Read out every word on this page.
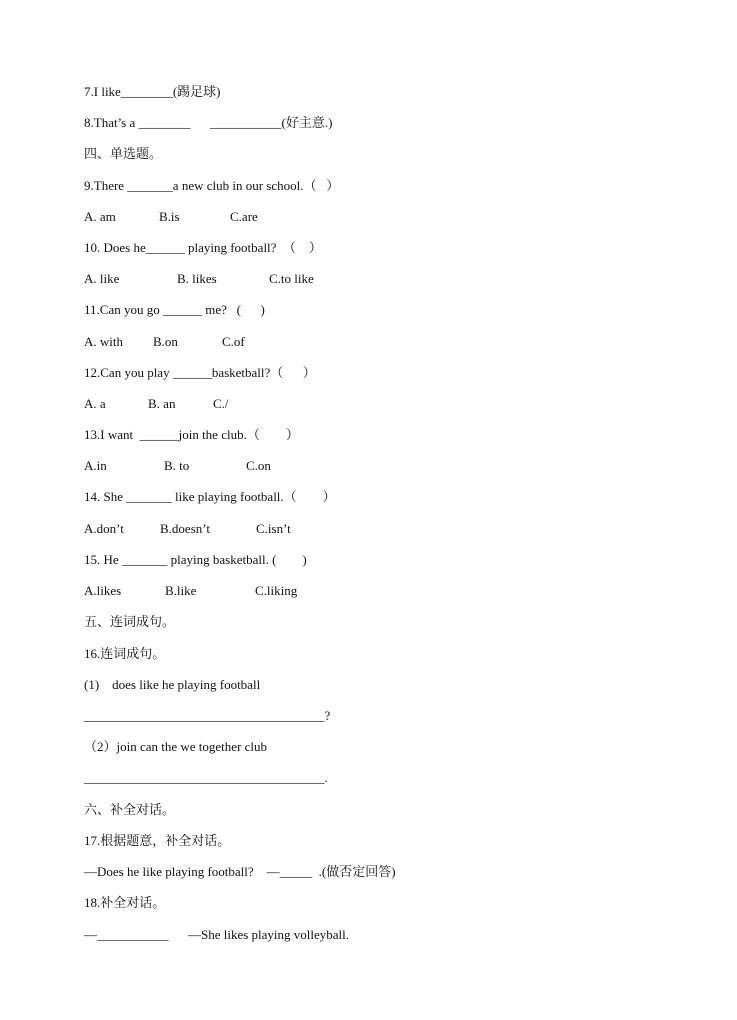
7.I like________(踢足球)
8.That’s a ________      ___________(好主意.)
四、单选题。
9.There _______a new club in our school.（   ）
A. am	B.is	C.are
10. Does he______ playing football?  （    ）
A. like	B. likes	C.to like
11.Can you go ______ me?   (      )
A. with B.on	C.of
12.Can you play ______basketball?（      ）
A. a	B. an	C./
13.I want  ______join the club.（        ）
A.in	B. to	C.on
14. She _______ like playing football.（        ）
A.don’t	B.doesn’t	C.isn’t
15. He _______ playing basketball. (        )
A.likes	B.like	C.liking
五、连词成句。
16.连词成句。
(1)    does like he playing football
_____________________________________?
（2）join can the we together club
_____________________________________.
六、补全对话。
17.根据题意，补全对话。
—Does he like playing football?    —_____  .(做否定回答)
18.补全对话。
—___________      —She likes playing volleyball.
